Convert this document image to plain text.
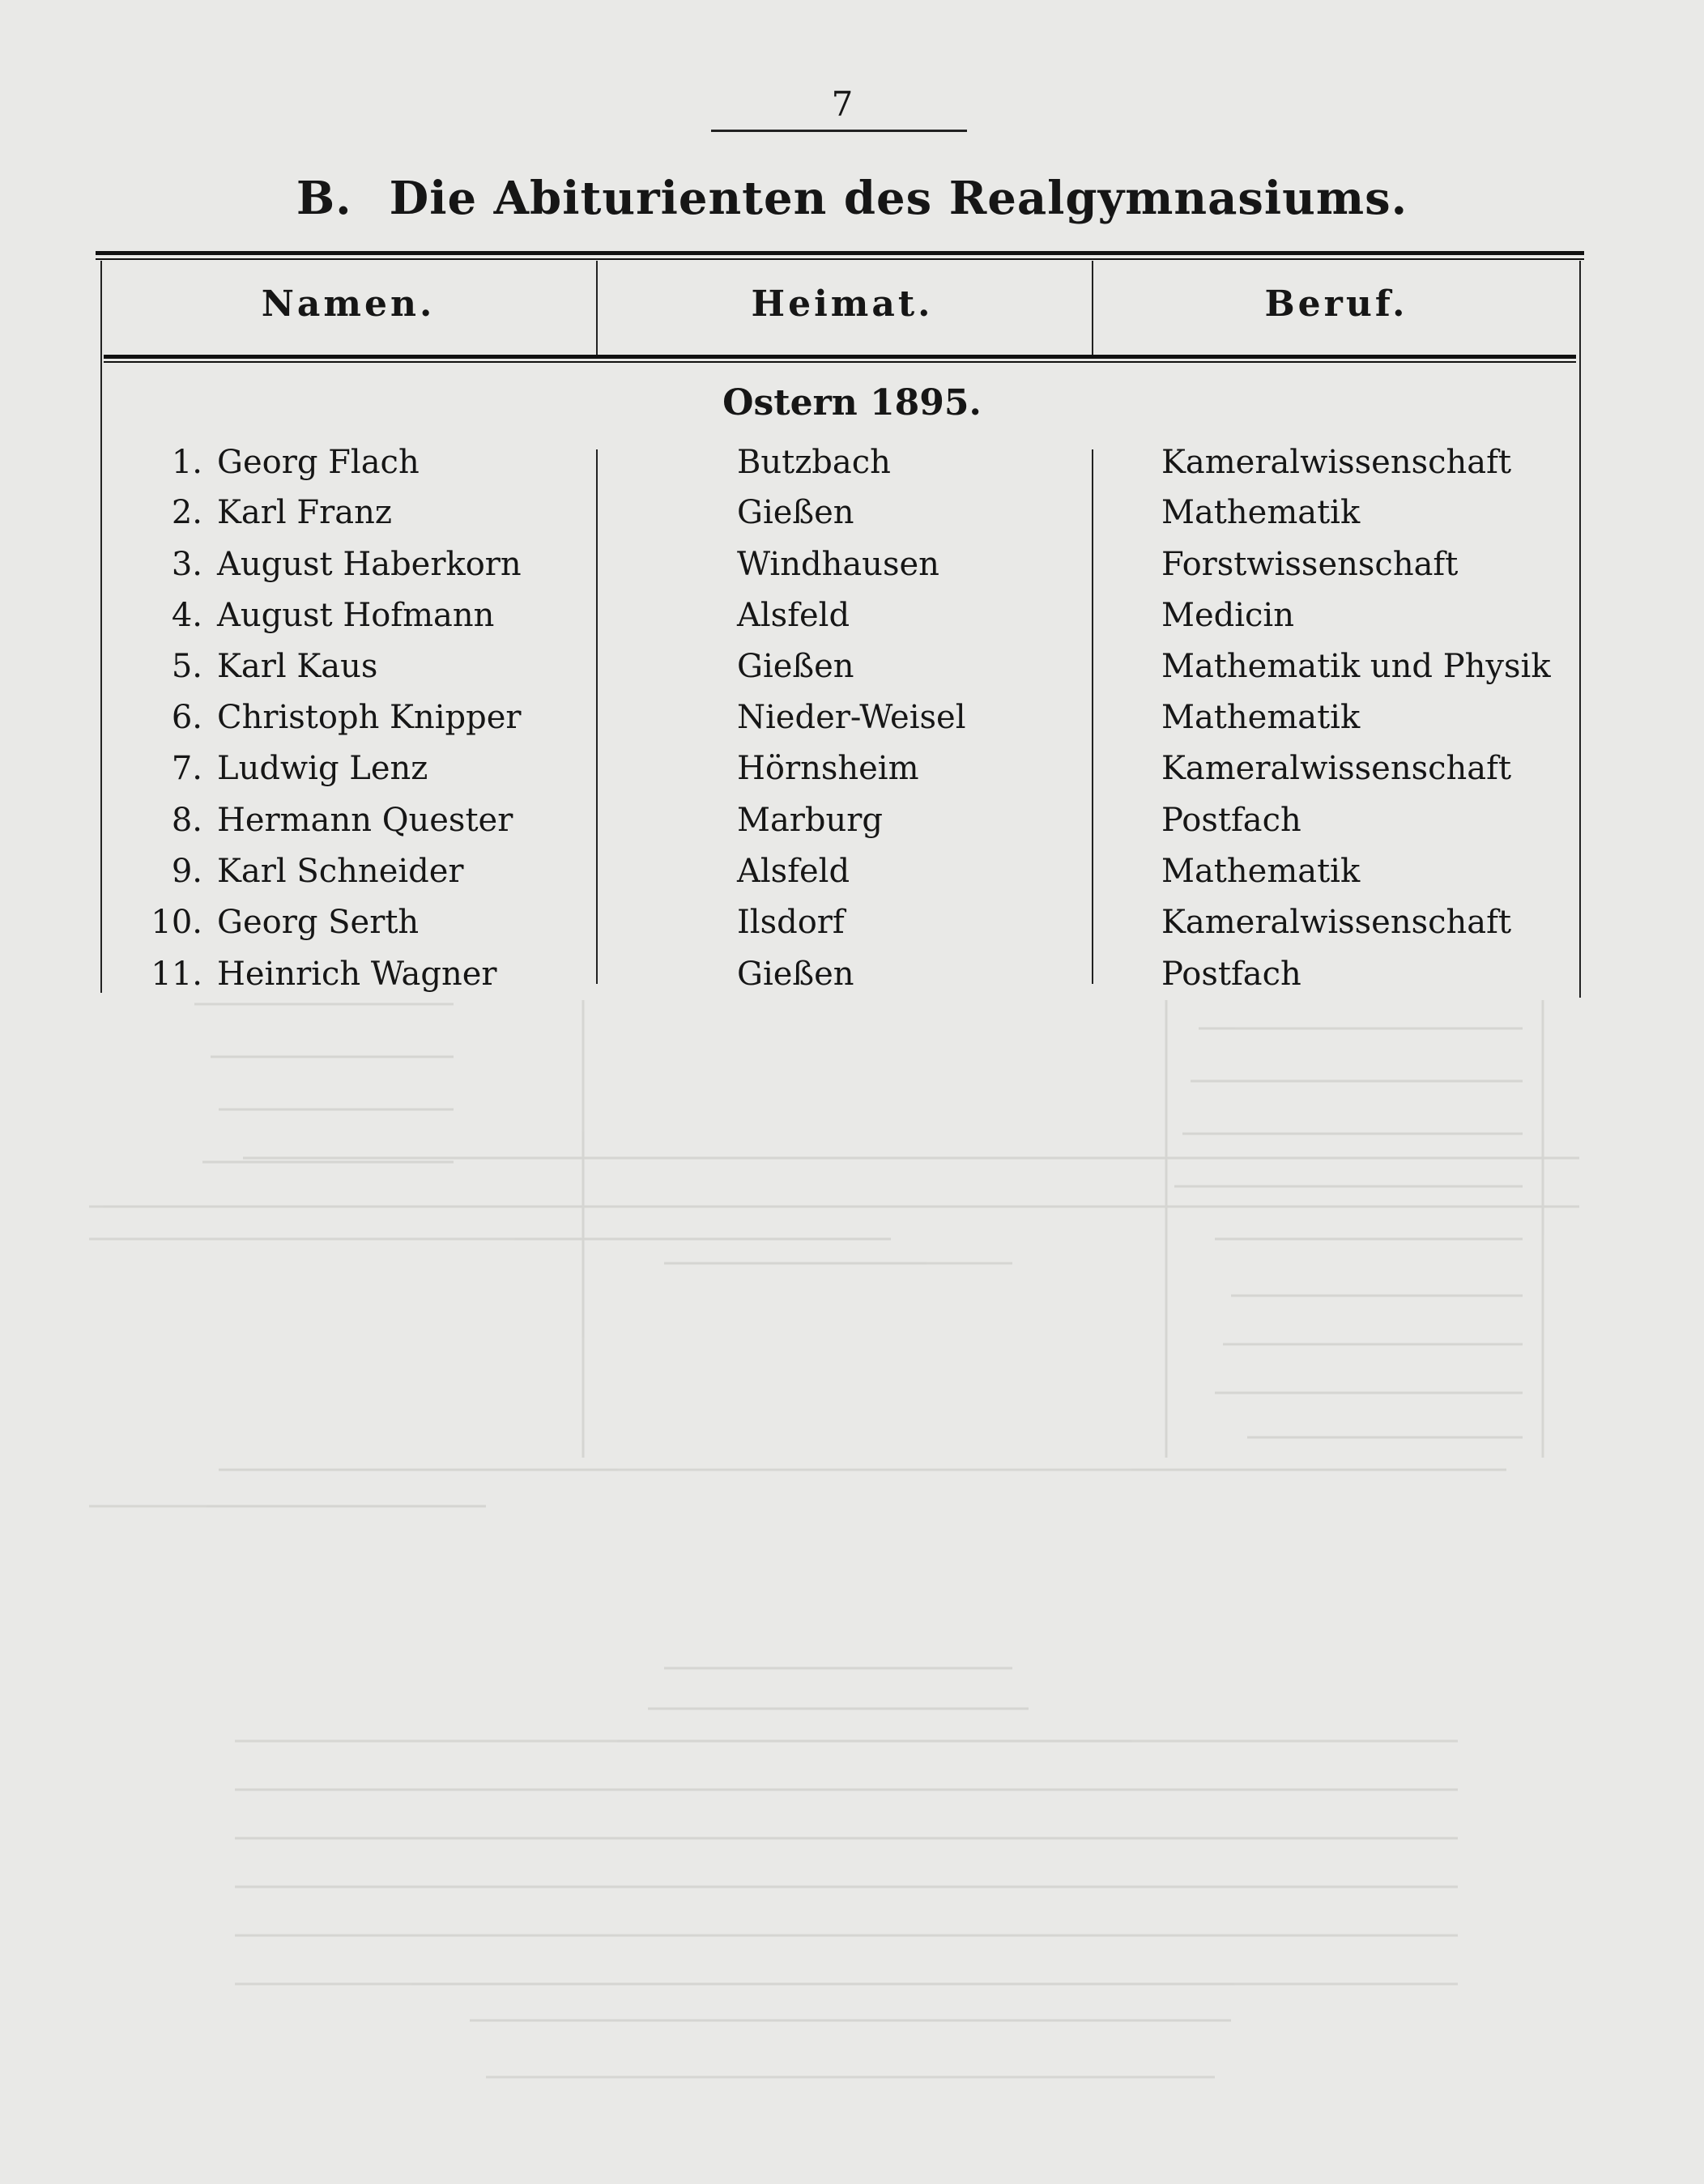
7
B. Die Abiturienten des Realgymnasiums.
Namen.	Heimat.	Beruf.
Ostern 1895.
1. Georg Flach	Butzbach	Kameralwissenschaft
2. Karl Franz	Gießen	Mathematik
3. August Haberkorn	Windhausen	Forstwissenschaft
4. August Hofmann	Alsfeld	Medicin
5. Karl Kaus	Gießen	Mathematik und Physik
6. Christoph Knipper	Nieder-Weisel	Mathematik
7. Ludwig Lenz	Hörnsheim	Kameralwissenschaft
8. Hermann Quester	Marburg	Postfach
9. Karl Schneider	Alsfeld	Mathematik
10. Georg Serth	Ilsdorf	Kameralwissenschaft
11. Heinrich Wagner	Gießen	Postfach
